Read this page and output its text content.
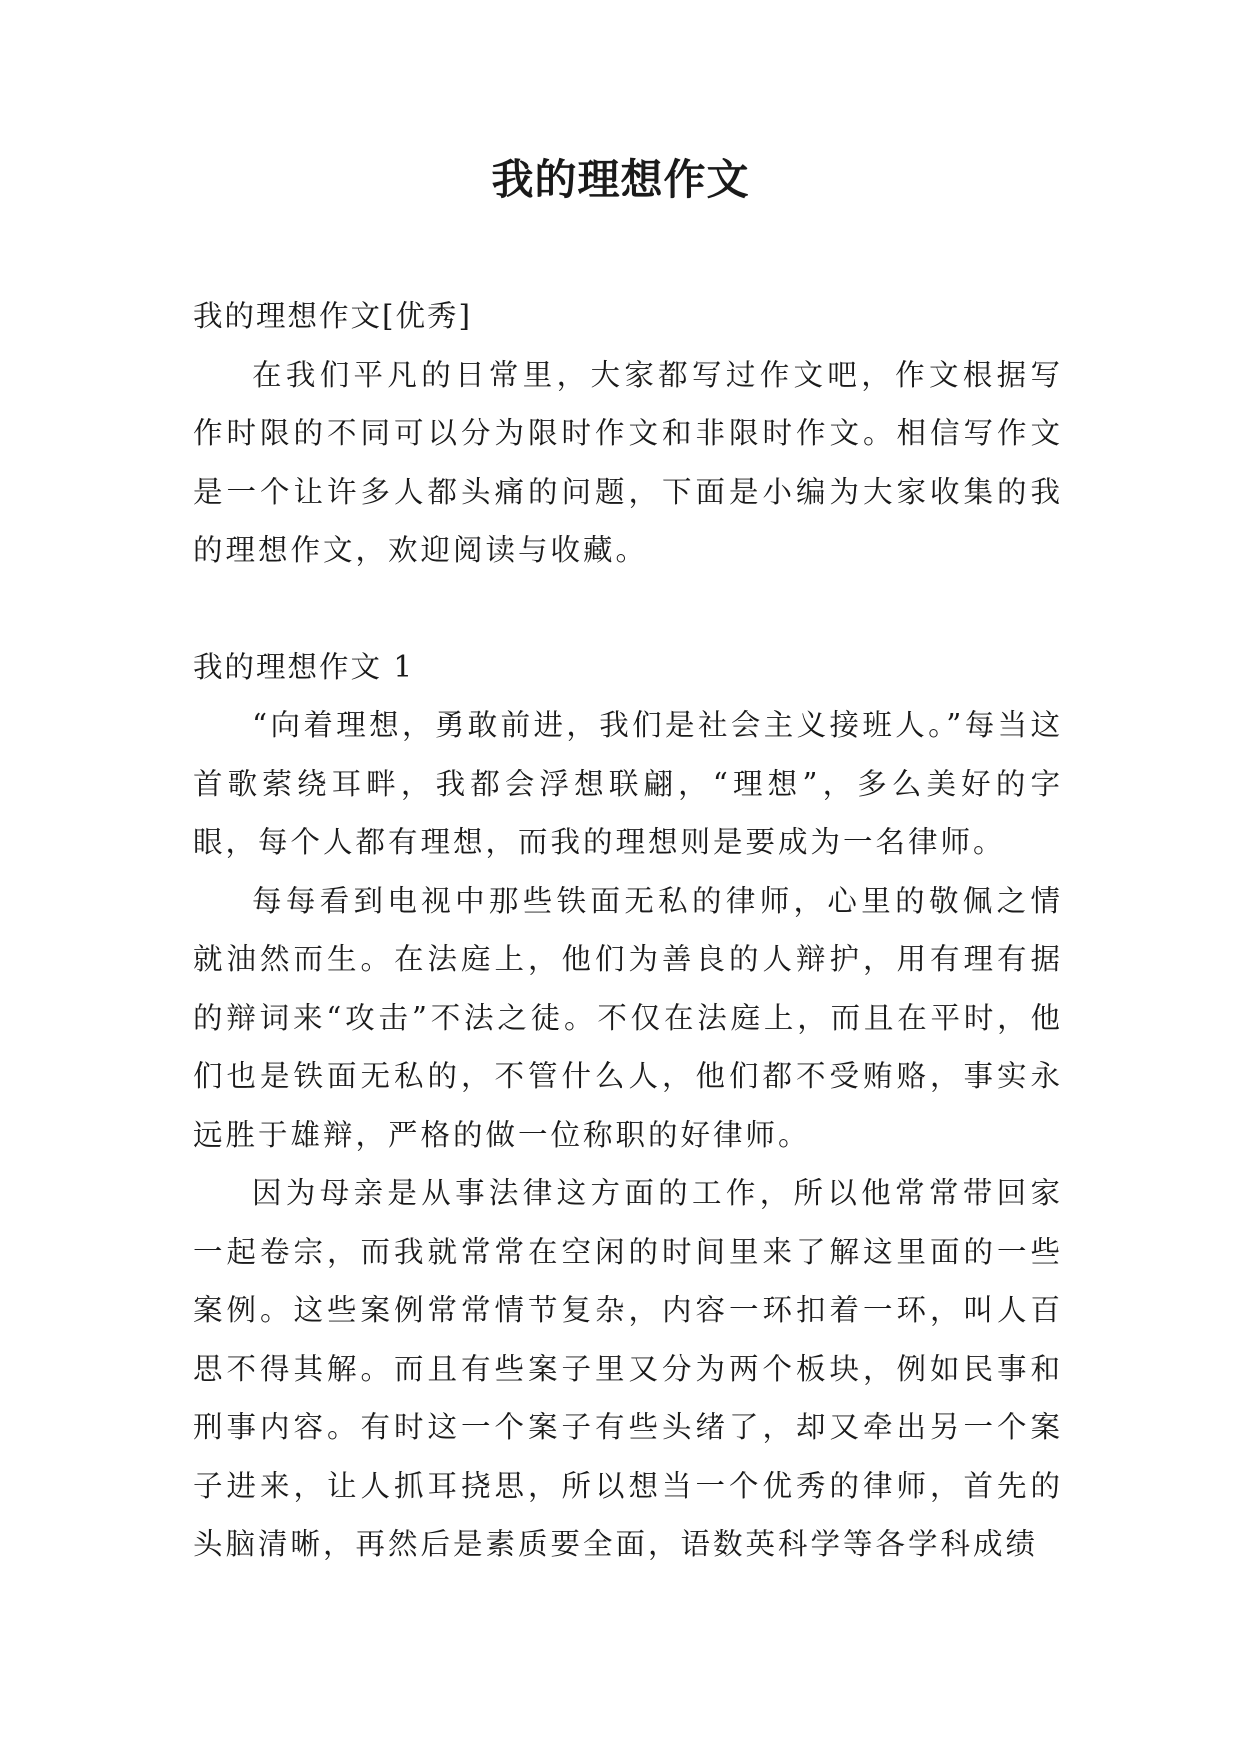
我的理想作文

我的理想作文[优秀]

在我们平凡的日常里，大家都写过作文吧，作文根据写作时限的不同可以分为限时作文和非限时作文。相信写作文是一个让许多人都头痛的问题，下面是小编为大家收集的我的理想作文，欢迎阅读与收藏。

我的理想作文 1

“向着理想，勇敢前进，我们是社会主义接班人。”每当这首歌萦绕耳畔，我都会浮想联翩，“理想”，多么美好的字眼，每个人都有理想，而我的理想则是要成为一名律师。

每每看到电视中那些铁面无私的律师，心里的敬佩之情就油然而生。在法庭上，他们为善良的人辩护，用有理有据的辩词来“攻击”不法之徒。不仅在法庭上，而且在平时，他们也是铁面无私的，不管什么人，他们都不受贿赂，事实永远胜于雄辩，严格的做一位称职的好律师。

因为母亲是从事法律这方面的工作，所以他常常带回家一起卷宗，而我就常常在空闲的时间里来了解这里面的一些案例。这些案例常常情节复杂，内容一环扣着一环，叫人百思不得其解。而且有些案子里又分为两个板块，例如民事和刑事内容。有时这一个案子有些头绪了，却又牵出另一个案子进来，让人抓耳挠思，所以想当一个优秀的律师，首先的头脑清晰，再然后是素质要全面，语数英科学等各学科成绩
